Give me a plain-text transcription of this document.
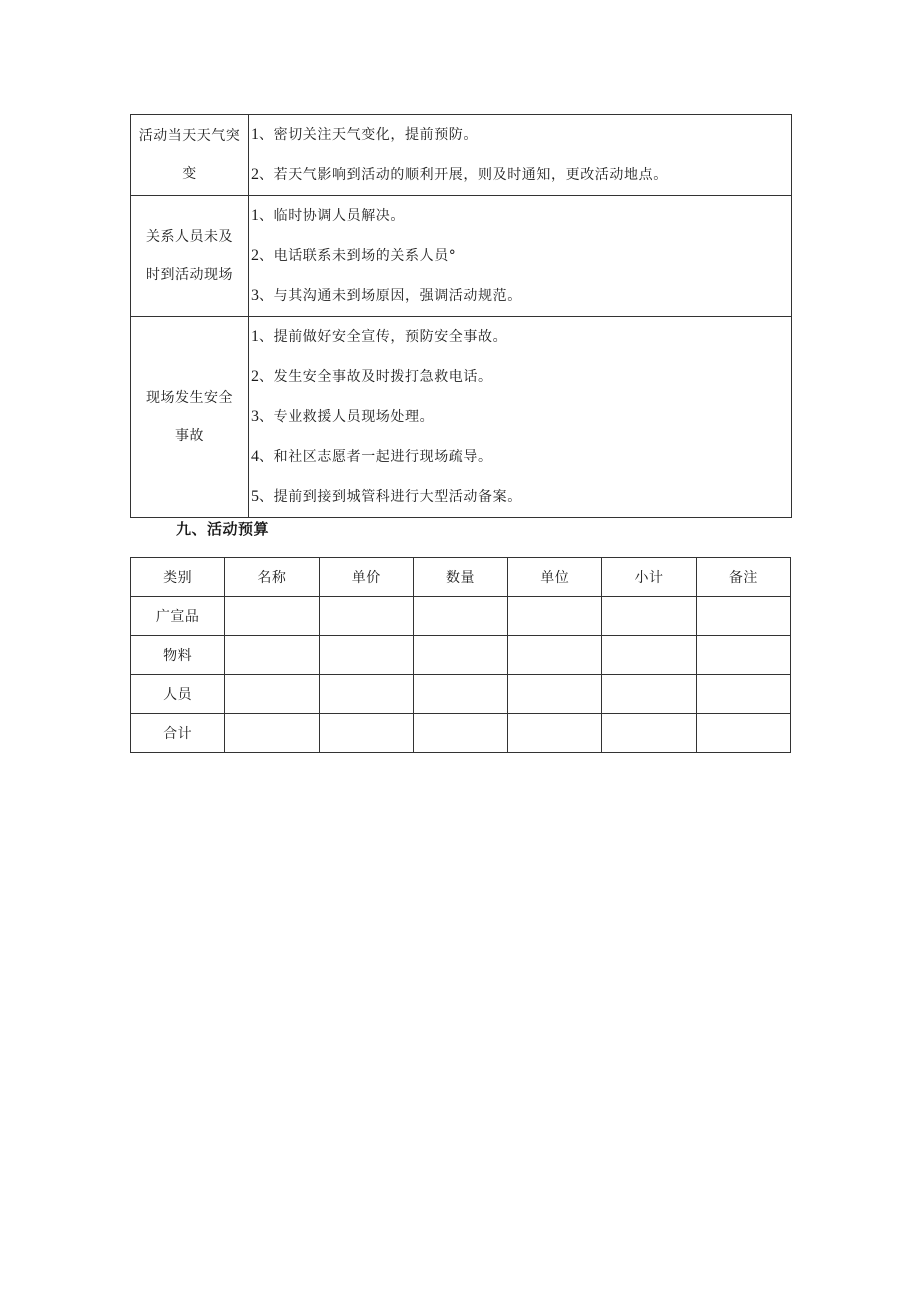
活动当天天气突
变	1、密切关注天气变化，提前预防。
2、若天气影响到活动的顺利开展，则及时通知，更改活动地点。

关系人员未及
时到活动现场	1、临时协调人员解决。
2、电话联系未到场的关系人员°
3、与其沟通未到场原因，强调活动规范。

现场发生安全
事故	1、提前做好安全宣传，预防安全事故。
2、发生安全事故及时拨打急救电话。
3、专业救援人员现场处理。
4、和社区志愿者一起进行现场疏导。
5、提前到接到城管科进行大型活动备案。
九、活动预算
类别	名称	单价	数量	单位	小计	备注
广宣品						
物料						
人员						
合计						
